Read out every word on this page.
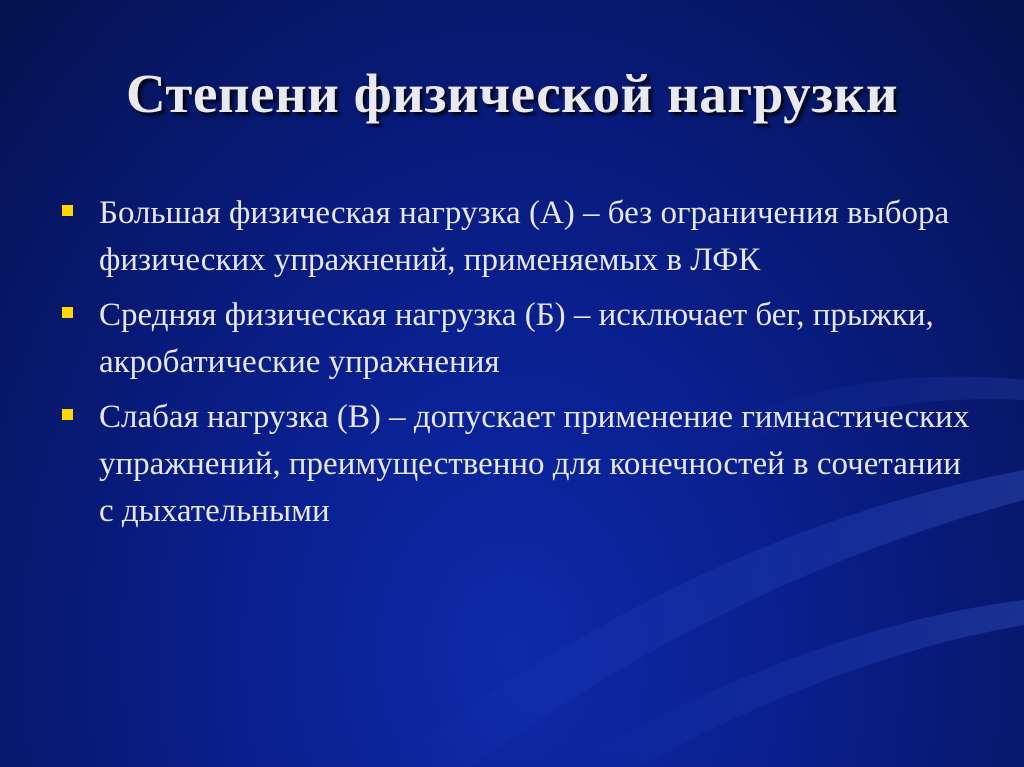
Степени физической нагрузки
Большая физическая нагрузка (А) – без ограничения выбора физических упражнений, применяемых в ЛФК
Средняя физическая нагрузка (Б) – исключает бег, прыжки, акробатические упражнения
Слабая нагрузка (В) – допускает применение гимнастических упражнений, преимущественно для конечностей в сочетании с дыхательными
